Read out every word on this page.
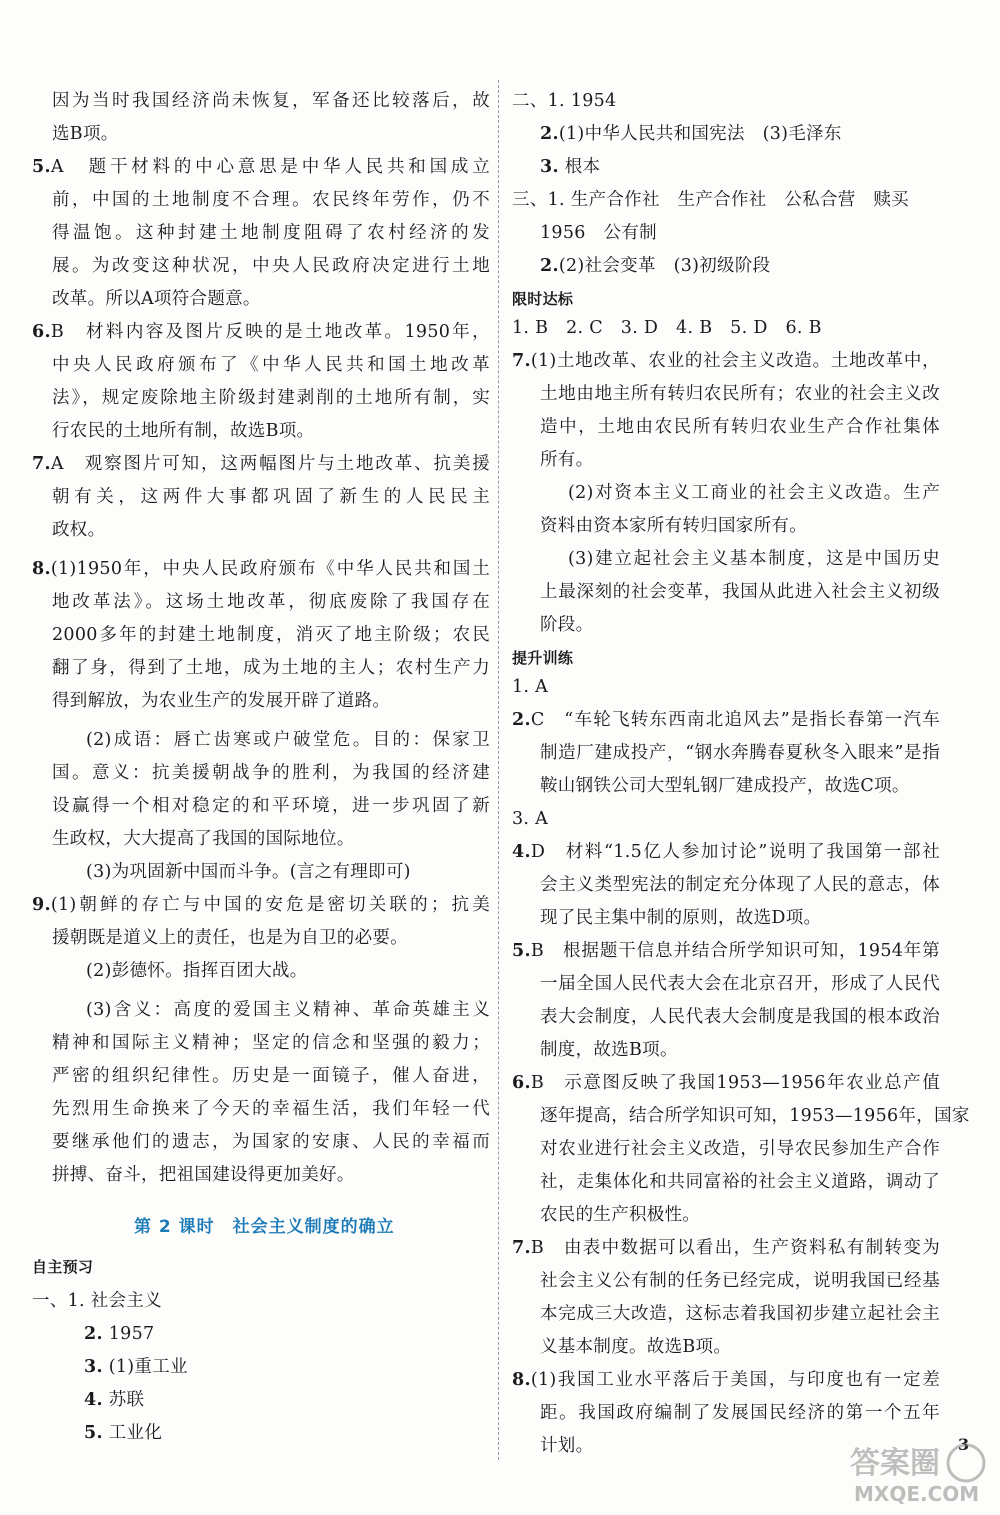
第 2 课时　社会主义制度的确立
自主预习
限时达标
提升训练
3
答案圈
MXQE.COM
因为当时我国经济尚未恢复，军备还比较落后，故
选B项。
5.A　题干材料的中心意思是中华人民共和国成立
前，中国的土地制度不合理。农民终年劳作，仍不
得温饱。这种封建土地制度阻碍了农村经济的发
展。为改变这种状况，中央人民政府决定进行土地
改革。所以A项符合题意。
6.B　材料内容及图片反映的是土地改革。1950年，
中央人民政府颁布了《中华人民共和国土地改革
法》，规定废除地主阶级封建剥削的土地所有制，实
行农民的土地所有制，故选B项。
7.A　观察图片可知，这两幅图片与土地改革、抗美援
朝有关，这两件大事都巩固了新生的人民民主
政权。
8.(1)1950年，中央人民政府颁布《中华人民共和国土
地改革法》。这场土地改革，彻底废除了我国存在
2000多年的封建土地制度，消灭了地主阶级；农民
翻了身，得到了土地，成为土地的主人；农村生产力
得到解放，为农业生产的发展开辟了道路。
(2)成语：唇亡齿寒或户破堂危。目的：保家卫
国。意义：抗美援朝战争的胜利，为我国的经济建
设赢得一个相对稳定的和平环境，进一步巩固了新
生政权，大大提高了我国的国际地位。
(3)为巩固新中国而斗争。(言之有理即可)
9.(1)朝鲜的存亡与中国的安危是密切关联的；抗美
援朝既是道义上的责任，也是为自卫的必要。
(2)彭德怀。指挥百团大战。
(3)含义：高度的爱国主义精神、革命英雄主义
精神和国际主义精神；坚定的信念和坚强的毅力；
严密的组织纪律性。历史是一面镜子，催人奋进，
先烈用生命换来了今天的幸福生活，我们年轻一代
要继承他们的遗志，为国家的安康、人民的幸福而
拼搏、奋斗，把祖国建设得更加美好。
一、1. 社会主义
2. 1957
3. (1)重工业
4. 苏联
5. 工业化
二、1. 1954
2.(1)中华人民共和国宪法　(3)毛泽东
3. 根本
三、1. 生产合作社　生产合作社　公私合营　赎买
1956　公有制
2.(2)社会变革　(3)初级阶段
1. B　2. C　3. D　4. B　5. D　6. B
7.(1)土地改革、农业的社会主义改造。土地改革中，
土地由地主所有转归农民所有；农业的社会主义改
造中，土地由农民所有转归农业生产合作社集体
所有。
(2)对资本主义工商业的社会主义改造。生产
资料由资本家所有转归国家所有。
(3)建立起社会主义基本制度，这是中国历史
上最深刻的社会变革，我国从此进入社会主义初级
阶段。
1. A
2.C　“车轮飞转东西南北追风去”是指长春第一汽车
制造厂建成投产，“钢水奔腾春夏秋冬入眼来”是指
鞍山钢铁公司大型轧钢厂建成投产，故选C项。
3. A
4.D　材料“1.5亿人参加讨论”说明了我国第一部社
会主义类型宪法的制定充分体现了人民的意志，体
现了民主集中制的原则，故选D项。
5.B　根据题干信息并结合所学知识可知，1954年第
一届全国人民代表大会在北京召开，形成了人民代
表大会制度，人民代表大会制度是我国的根本政治
制度，故选B项。
6.B　示意图反映了我国1953—1956年农业总产值
逐年提高，结合所学知识可知，1953—1956年，国家
对农业进行社会主义改造，引导农民参加生产合作
社，走集体化和共同富裕的社会主义道路，调动了
农民的生产积极性。
7.B　由表中数据可以看出，生产资料私有制转变为
社会主义公有制的任务已经完成，说明我国已经基
本完成三大改造，这标志着我国初步建立起社会主
义基本制度。故选B项。
8.(1)我国工业水平落后于美国，与印度也有一定差
距。我国政府编制了发展国民经济的第一个五年
计划。
